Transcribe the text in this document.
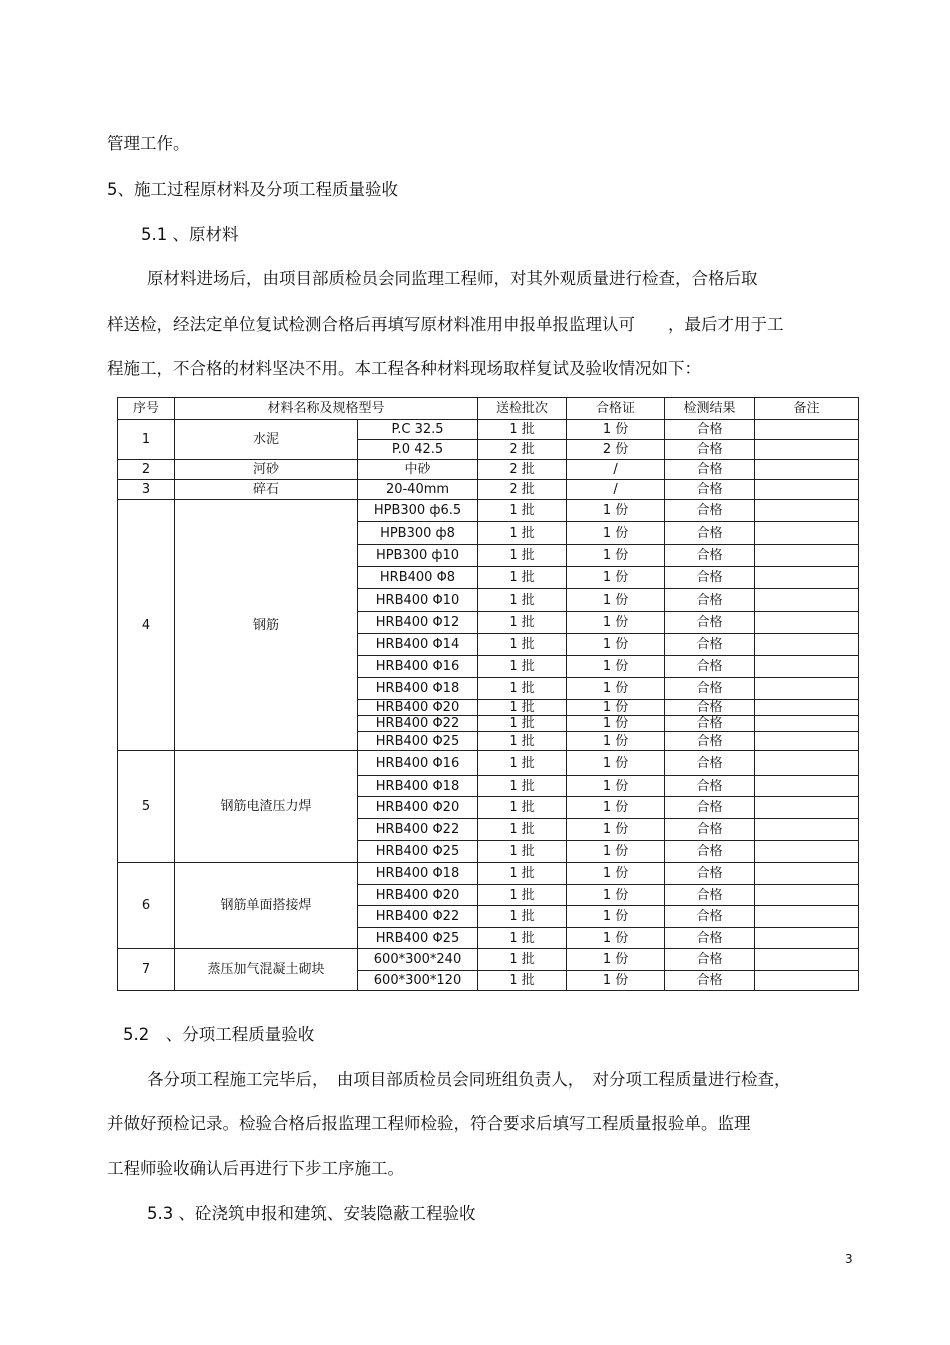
管理工作。
5、施工过程原材料及分项工程质量验收
5.1 、原材料
原材料进场后，由项目部质检员会同监理工程师，对其外观质量进行检查，合格后取
样送检，经法定单位复试检测合格后再填写原材料准用申报单报监理认可　　，最后才用于工
程施工，不合格的材料坚决不用。本工程各种材料现场取样复试及验收情况如下：
序号	材料名称及规格型号		送检批次	合格证	检测结果	备注
1	水泥	P.C 32.5	1 批	1 份	合格	
		P.0 42.5	2 批	2 份	合格	
2	河砂	中砂	2 批	/	合格	
3	碎石	20-40mm	2 批	/	合格	
4	钢筋	HPB300 ф6.5	1 批	1 份	合格	
		HPB300 ф8	1 批	1 份	合格	
		HPB300 ф10	1 批	1 份	合格	
		HRB400 Φ8	1 批	1 份	合格	
		HRB400 Φ10	1 批	1 份	合格	
		HRB400 Φ12	1 批	1 份	合格	
		HRB400 Φ14	1 批	1 份	合格	
		HRB400 Φ16	1 批	1 份	合格	
		HRB400 Φ18	1 批	1 份	合格	
		HRB400 Φ20	1 批	1 份	合格	
		HRB400 Φ22	1 批	1 份	合格	
		HRB400 Φ25	1 批	1 份	合格	
5	钢筋电渣压力焊	HRB400 Φ16	1 批	1 份	合格	
		HRB400 Φ18	1 批	1 份	合格	
		HRB400 Φ20	1 批	1 份	合格	
		HRB400 Φ22	1 批	1 份	合格	
		HRB400 Φ25	1 批	1 份	合格	
6	钢筋单面搭接焊	HRB400 Φ18	1 批	1 份	合格	
		HRB400 Φ20	1 批	1 份	合格	
		HRB400 Φ22	1 批	1 份	合格	
		HRB400 Φ25	1 批	1 份	合格	
7	蒸压加气混凝土砌块	600*300*240	1 批	1 份	合格	
		600*300*120	1 批	1 份	合格	
5.2　、分项工程质量验收
各分项工程施工完毕后，　由项目部质检员会同班组负责人，　对分项工程质量进行检查，
并做好预检记录。检验合格后报监理工程师检验，符合要求后填写工程质量报验单。监理
工程师验收确认后再进行下步工序施工。
5.3 、砼浇筑申报和建筑、安装隐蔽工程验收
3
